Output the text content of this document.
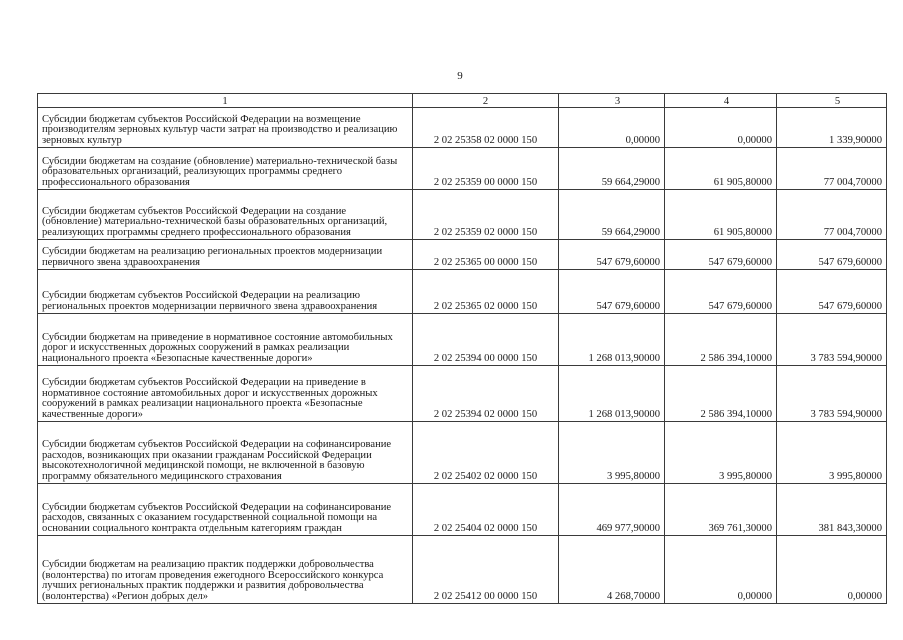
9
1	2	3	4	5
Субсидии бюджетам субъектов Российской Федерации на возмещение производителям зерновых культур части затрат на производство и реализацию зерновых культур	2 02 25358 02 0000 150	0,00000	0,00000	1 339,90000
Субсидии бюджетам на создание (обновление) материально-технической базы образовательных организаций, реализующих программы среднего профессионального образования	2 02 25359 00 0000 150	59 664,29000	61 905,80000	77 004,70000
Субсидии бюджетам субъектов Российской Федерации на создание (обновление) материально-технической базы образовательных организаций, реализующих программы среднего профессионального образования	2 02 25359 02 0000 150	59 664,29000	61 905,80000	77 004,70000
Субсидии бюджетам на реализацию региональных проектов модернизации первичного звена здравоохранения	2 02 25365 00 0000 150	547 679,60000	547 679,60000	547 679,60000
Субсидии бюджетам субъектов Российской Федерации на реализацию региональных проектов модернизации первичного звена здравоохранения	2 02 25365 02 0000 150	547 679,60000	547 679,60000	547 679,60000
Субсидии бюджетам на приведение в нормативное состояние автомобильных дорог и искусственных дорожных сооружений в рамках реализации национального проекта «Безопасные качественные дороги»	2 02 25394 00 0000 150	1 268 013,90000	2 586 394,10000	3 783 594,90000
Субсидии бюджетам субъектов Российской Федерации на приведение в нормативное состояние автомобильных дорог и искусственных дорожных сооружений в рамках реализации национального проекта «Безопасные качественные дороги»	2 02 25394 02 0000 150	1 268 013,90000	2 586 394,10000	3 783 594,90000
Субсидии бюджетам субъектов Российской Федерации на софинансирование расходов, возникающих при оказании гражданам Российской Федерации высокотехнологичной медицинской помощи, не включенной в базовую программу обязательного медицинского страхования	2 02 25402 02 0000 150	3 995,80000	3 995,80000	3 995,80000
Субсидии бюджетам субъектов Российской Федерации на софинансирование расходов, связанных с оказанием государственной социальной помощи на основании социального контракта отдельным категориям граждан	2 02 25404 02 0000 150	469 977,90000	369 761,30000	381 843,30000
Субсидии бюджетам на реализацию практик поддержки добровольчества (волонтерства) по итогам проведения ежегодного Всероссийского конкурса лучших региональных практик поддержки и развития добровольчества (волонтерства) «Регион добрых дел»	2 02 25412 00 0000 150	4 268,70000	0,00000	0,00000
